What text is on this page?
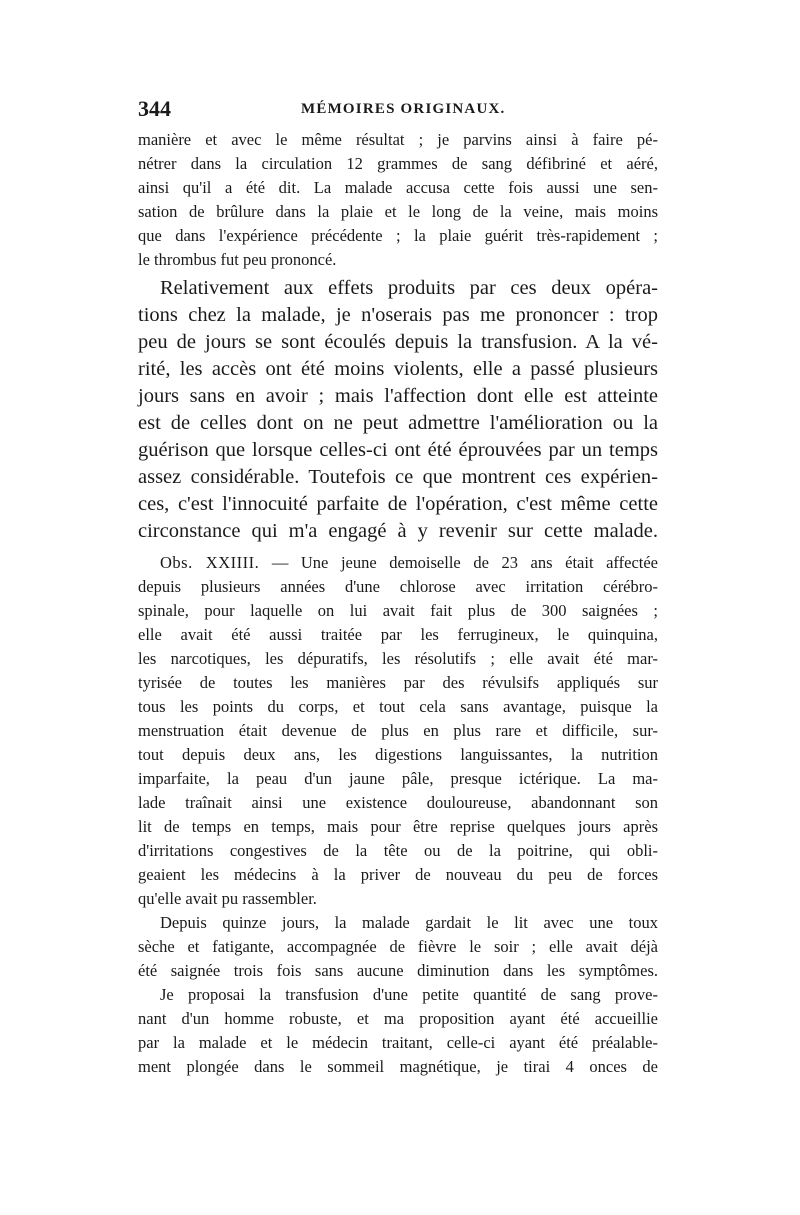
344	MÉMOIRES ORIGINAUX.
manière et avec le même résultat ; je parvins ainsi à faire pé-
nétrer dans la circulation 12 grammes de sang défibriné et aéré,
ainsi qu'il a été dit. La malade accusa cette fois aussi une sen-
sation de brûlure dans la plaie et le long de la veine, mais moins
que dans l'expérience précédente ; la plaie guérit très-rapidement ;
le thrombus fut peu prononcé.
Relativement aux effets produits par ces deux opéra-
tions chez la malade, je n'oserais pas me prononcer : trop
peu de jours se sont écoulés depuis la transfusion. A la vé-
rité, les accès ont été moins violents, elle a passé plusieurs
jours sans en avoir ; mais l'affection dont elle est atteinte
est de celles dont on ne peut admettre l'amélioration ou la
guérison que lorsque celles-ci ont été éprouvées par un temps
assez considérable. Toutefois ce que montrent ces expérien-
ces, c'est l'innocuité parfaite de l'opération, c'est même cette
circonstance qui m'a engagé à y revenir sur cette malade.
Obs. XXIIII. — Une jeune demoiselle de 23 ans était affectée
depuis plusieurs années d'une chlorose avec irritation cérébro-
spinale, pour laquelle on lui avait fait plus de 300 saignées ;
elle avait été aussi traitée par les ferrugineux, le quinquina,
les narcotiques, les dépuratifs, les résolutifs ; elle avait été mar-
tyrisée de toutes les manières par des révulsifs appliqués sur
tous les points du corps, et tout cela sans avantage, puisque la
menstruation était devenue de plus en plus rare et difficile, sur-
tout depuis deux ans, les digestions languissantes, la nutrition
imparfaite, la peau d'un jaune pâle, presque ictérique. La ma-
lade traînait ainsi une existence douloureuse, abandonnant son
lit de temps en temps, mais pour être reprise quelques jours après
d'irritations congestives de la tête ou de la poitrine, qui obli-
geaient les médecins à la priver de nouveau du peu de forces
qu'elle avait pu rassembler.
Depuis quinze jours, la malade gardait le lit avec une toux
sèche et fatigante, accompagnée de fièvre le soir ; elle avait déjà
été saignée trois fois sans aucune diminution dans les symptômes.
Je proposai la transfusion d'une petite quantité de sang prove-
nant d'un homme robuste, et ma proposition ayant été accueillie
par la malade et le médecin traitant, celle-ci ayant été préalable-
ment plongée dans le sommeil magnétique, je tirai 4 onces de
